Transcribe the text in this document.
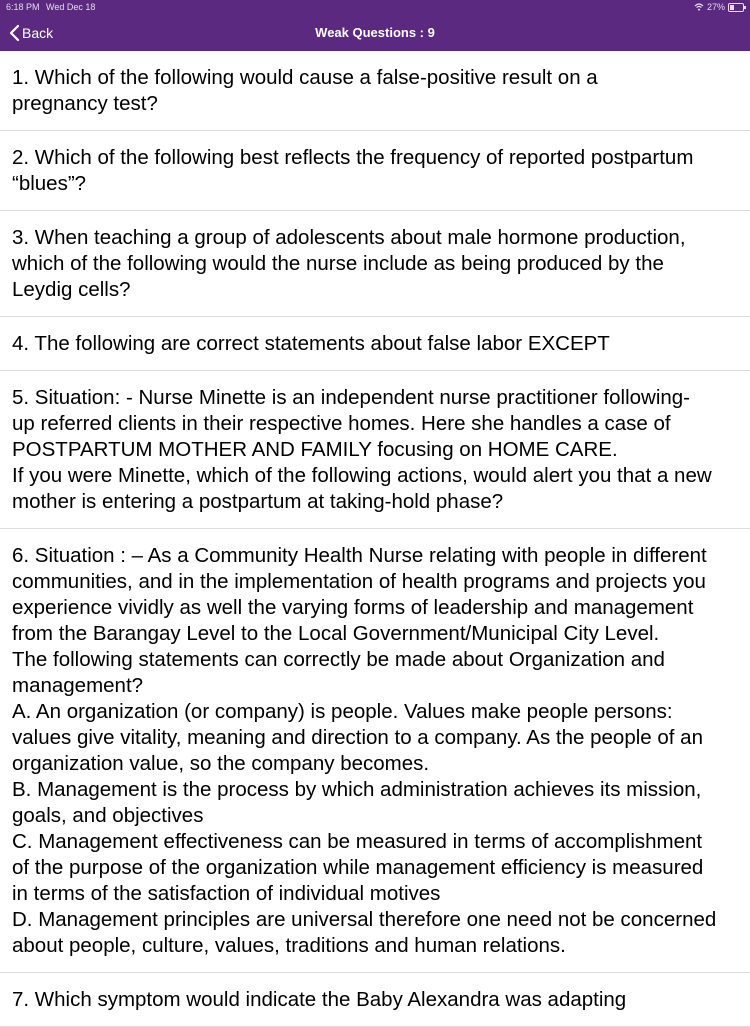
6:18 PM Wed Dec 18	27%
Back	Weak Questions : 9
1. Which of the following would cause a false-positive result on a
pregnancy test?
2. Which of the following best reflects the frequency of reported postpartum
“blues”?
3. When teaching a group of adolescents about male hormone production,
which of the following would the nurse include as being produced by the
Leydig cells?
4. The following are correct statements about false labor EXCEPT
5. Situation: - Nurse Minette is an independent nurse practitioner following-
up referred clients in their respective homes. Here she handles a case of
POSTPARTUM MOTHER AND FAMILY focusing on HOME CARE.
If you were Minette, which of the following actions, would alert you that a new
mother is entering a postpartum at taking-hold phase?
6. Situation : – As a Community Health Nurse relating with people in different
communities, and in the implementation of health programs and projects you
experience vividly as well the varying forms of leadership and management
from the Barangay Level to the Local Government/Municipal City Level.
The following statements can correctly be made about Organization and
management?
A. An organization (or company) is people. Values make people persons:
values give vitality, meaning and direction to a company. As the people of an
organization value, so the company becomes.
B. Management is the process by which administration achieves its mission,
goals, and objectives
C. Management effectiveness can be measured in terms of accomplishment
of the purpose of the organization while management efficiency is measured
in terms of the satisfaction of individual motives
D. Management principles are universal therefore one need not be concerned
about people, culture, values, traditions and human relations.
7. Which symptom would indicate the Baby Alexandra was adapting
